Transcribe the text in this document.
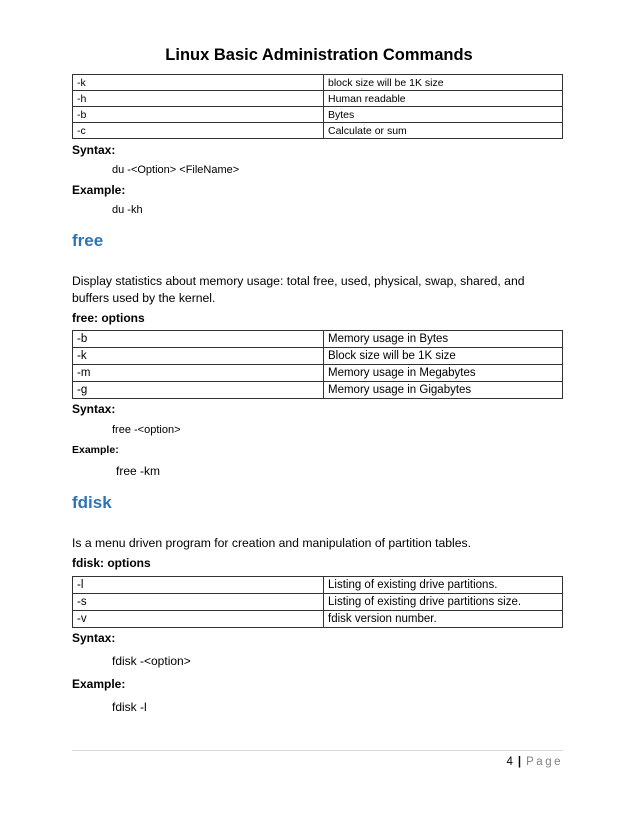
Linux Basic Administration Commands
-k	block size will be 1K size
-h	Human readable
-b	Bytes
-c	Calculate or sum
Syntax:
du -<Option> <FileName>
Example:
du -kh
free
Display statistics about memory usage: total free, used, physical, swap, shared, and buffers used by the kernel.
free: options
-b	Memory usage in Bytes
-k	Block size will be 1K size
-m	Memory usage in Megabytes
-g	Memory usage in Gigabytes
Syntax:
free -<option>
Example:
free -km
fdisk
Is a menu driven program for creation and manipulation of partition tables.
fdisk: options
-l	Listing of existing drive partitions.
-s	Listing of existing drive partitions size.
-v	fdisk version number.
Syntax:
fdisk -<option>
Example:
fdisk -l
4 | Page
